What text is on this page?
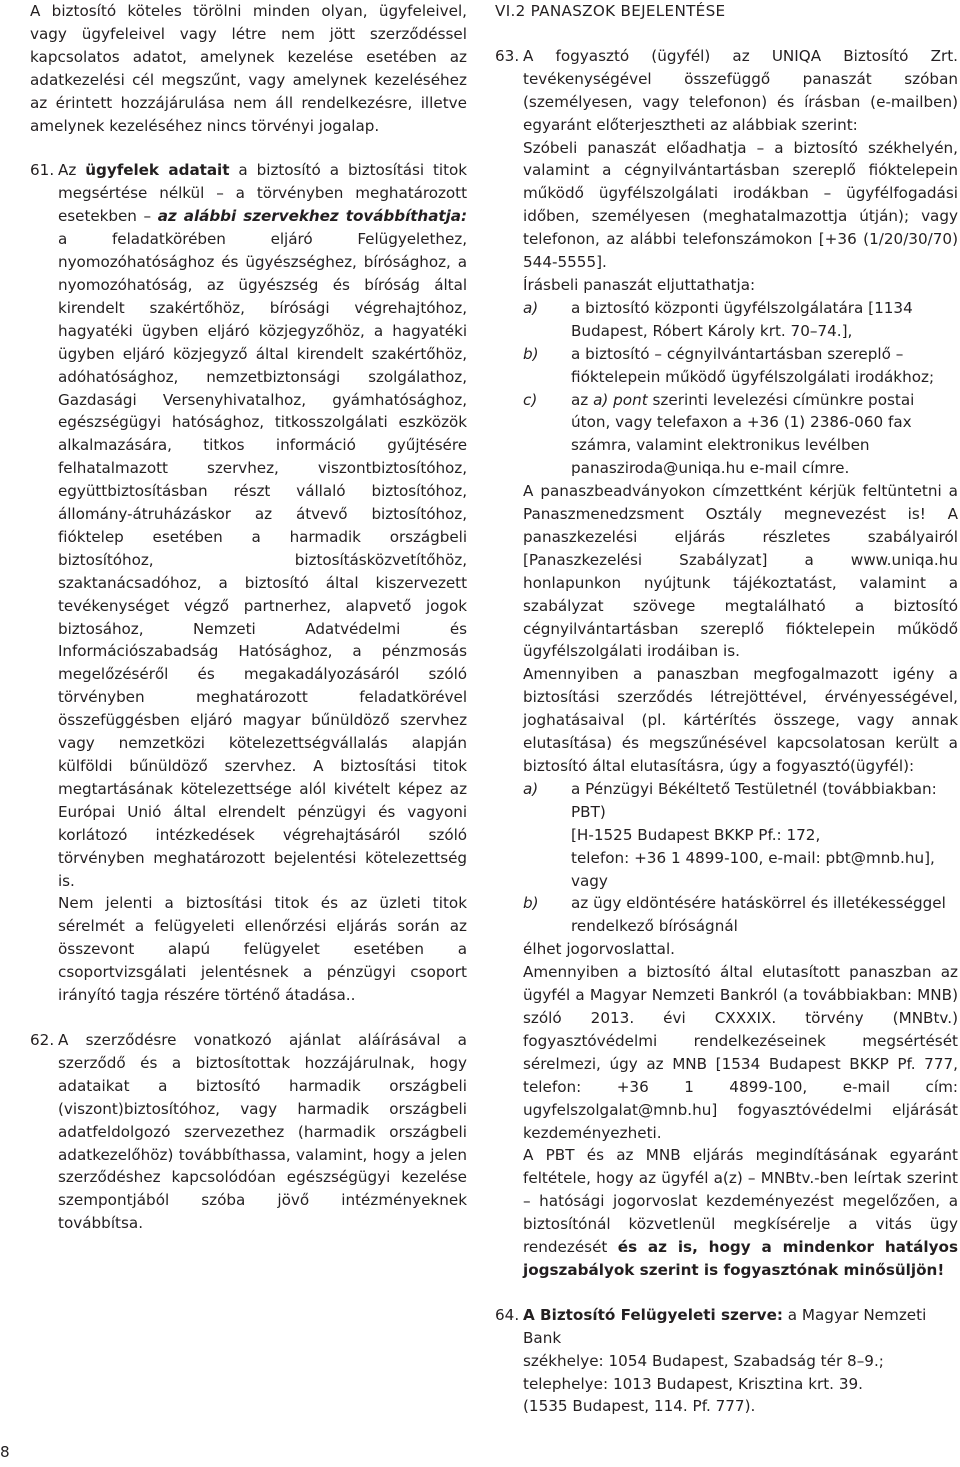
A biztosító köteles törölni minden olyan, ügyfeleivel, vagy ügyfeleivel vagy létre nem jött szerződéssel kapcsolatos adatot, amelynek kezelése esetében az adatkezelési cél megszűnt, vagy amelynek kezeléséhez az érintett hozzájárulása nem áll rendelkezésre, illetve amelynek kezeléséhez nincs törvényi jogalap.

61. Az ügyfelek adatait a biztosító a biztosítási titok megsértése nélkül – a törvényben meghatározott esetekben – az alábbi szervekhez továbbíthatja: a feladatkörében eljáró Felügyelethez, nyomozóhatósághoz és ügyészséghez, bírósághoz, a nyomozóhatóság, az ügyészség és bíróság által kirendelt szakértőhöz, bírósági végrehajtóhoz, hagyatéki ügyben eljáró közjegyzőhöz, a hagyatéki ügyben eljáró közjegyző által kirendelt szakértőhöz, adóhatósághoz, nemzetbiztonsági szolgálathoz, Gazdasági Versenyhivatalhoz, gyámhatósághoz, egészségügyi hatósághoz, titkosszolgálati eszközök alkalmazására, titkos információ gyűjtésére felhatalmazott szervhez, viszontbiztosítóhoz, együttbiztosításban részt vállaló biztosítóhoz, állomány-átruházáskor az átvevő biztosítóhoz, fióktelep esetében a harmadik országbeli biztosítóhoz, biztosításközvetítőhöz, szaktanácsadóhoz, a biztosító által kiszervezett tevékenységet végző partnerhez, alapvető jogok biztosához, Nemzeti Adatvédelmi és Információszabadság Hatósághoz, a pénzmosás megelőzéséről és megakadályozásáról szóló törvényben meghatározott feladatkörével összefüggésben eljáró magyar bűnüldöző szervhez vagy nemzetközi kötelezettségvállalás alapján külföldi bűnüldöző szervhez. A biztosítási titok megtartásának kötelezettsége alól kivételt képez az Európai Unió által elrendelt pénzügyi és vagyoni korlátozó intézkedések végrehajtásáról szóló törvényben meghatározott bejelentési kötelezettség is.

Nem jelenti a biztosítási titok és az üzleti titok sérelmét a felügyeleti ellenőrzési eljárás során az összevont alapú felügyelet esetében a csoportvizsgálati jelentésnek a pénzügyi csoport irányító tagja részére történő átadása..

62. A szerződésre vonatkozó ajánlat aláírásával a szerződő és a biztosítottak hozzájárulnak, hogy adataikat a biztosító harmadik országbeli (viszont)biztosítóhoz, vagy harmadik országbeli adatfeldolgozó szervezethez (harmadik országbeli adatkezelőhöz) továbbíthassa, valamint, hogy a jelen szerződéshez kapcsolódóan egészségügyi kezelése szempontjából szóba jövő intézményeknek továbbítsa.

VI.2 PANASZOK BEJELENTÉSE
63. A fogyasztó (ügyfél) az UNIQA Biztosító Zrt. tevékenységével összefüggő panaszát szóban (személyesen, vagy telefonon) és írásban (e-mailben) egyaránt előterjesztheti az alábbiak szerint:

Szóbeli panaszát előadhatja – a biztosító székhelyén, valamint a cégnyilvántartásban szereplő fióktelepein működő ügyfélszolgálati irodákban – ügyfélfogadási időben, személyesen (meghatalmazottja útján); vagy telefonon, az alábbi telefonszámokon [+36 (1/20/30/70) 544-5555].

Írásbeli panaszát eljuttathatja:

a)	a biztosító központi ügyfélszolgálatára [1134 Budapest, Róbert Károly krt. 70–74.],
b)	a biztosító – cégnyilvántartásban szereplő – fióktelepein működő ügyfélszolgálati irodákhoz;
c)	az a) pont szerinti levelezési címünkre postai úton, vagy telefaxon a +36 (1) 2386-060 fax számra, valamint elektronikus levélben panasziroda@uniqa.hu e-mail címre.

A panaszbeadványokon címzettként kérjük feltüntetni a Panaszmenedzsment Osztály megnevezést is! A panaszkezelési eljárás részletes szabályairól [Panaszkezelési Szabályzat] a www.uniqa.hu honlapunkon nyújtunk tájékoztatást, valamint a szabályzat szövege megtalálható a biztosító cégnyilvántartásban szereplő fióktelepein működő ügyfélszolgálati irodáiban is.

Amennyiben a panaszban megfogalmazott igény a biztosítási szerződés létrejöttével, érvényességével, joghatásaival (pl. kártérítés összege, vagy annak elutasítása) és megszűnésével kapcsolatosan került a biztosító által elutasításra, úgy a fogyasztó(ügyfél):

a)	a Pénzügyi Békéltető Testületnél (továbbiakban: PBT)
[H-1525 Budapest BKKP Pf.: 172,
telefon: +36 1 4899-100, e-mail: pbt@mnb.hu], vagy
b)	az ügy eldöntésére hatáskörrel és illetékességgel rendelkező bíróságnál

élhet jogorvoslattal.

Amennyiben a biztosító által elutasított panaszban az ügyfél a Magyar Nemzeti Bankról (a továbbiakban: MNB) szóló 2013. évi CXXXIX. törvény (MNBtv.) fogyasztóvédelmi rendelkezéseinek megsértését sérelmezi, úgy az MNB [1534 Budapest BKKP Pf. 777, telefon: +36 1 4899-100, e-mail cím: ugyfelszolgalat@mnb.hu] fogyasztóvédelmi eljárását kezdeményezheti.

A PBT és az MNB eljárás megindításának egyaránt feltétele, hogy az ügyfél a(z) – MNBtv.-ben leírtak szerint – hatósági jogorvoslat kezdeményezést megelőzően, a biztosítónál közvetlenül megkísérelje a vitás ügy rendezését és az is, hogy a mindenkor hatályos jogszabályok szerint is fogyasztónak minősüljön!

64. A Biztosító Felügyeleti szerve: a Magyar Nemzeti Bank
székhelye: 1054 Budapest, Szabadság tér 8–9.;
telephelye: 1013 Budapest, Krisztina krt. 39.
(1535 Budapest, 114. Pf. 777).
8
